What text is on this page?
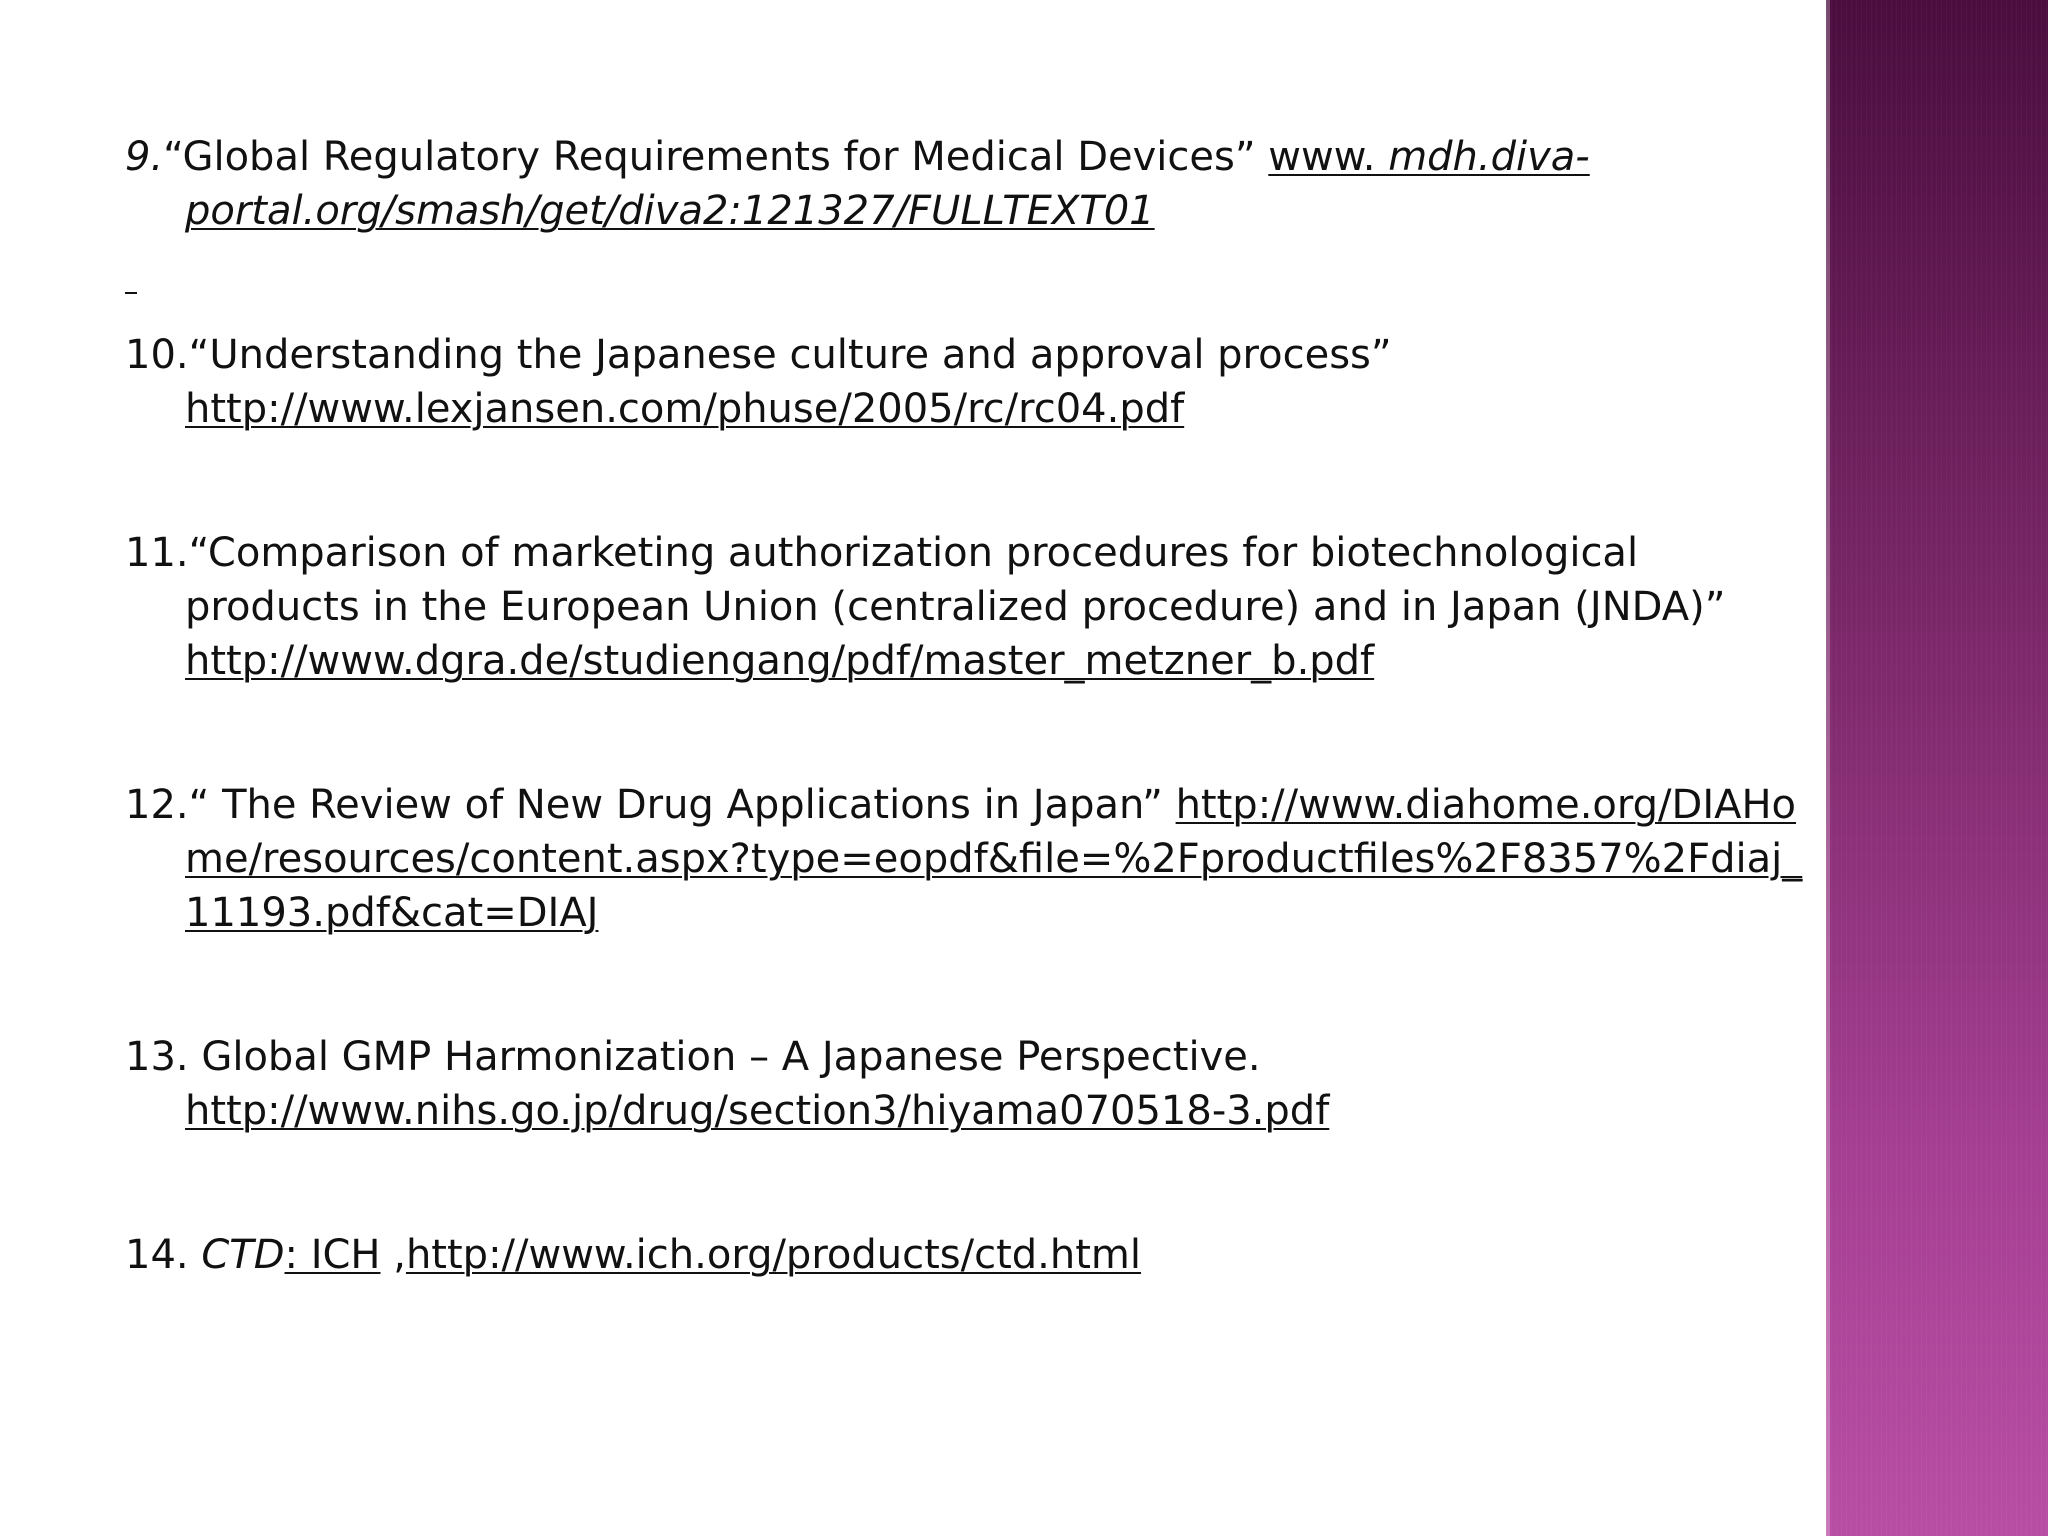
9.“Global Regulatory Requirements for Medical Devices” www. mdh.diva-portal.org/smash/get/diva2:121327/FULLTEXT01
10.“Understanding the Japanese culture and approval process” http://www.lexjansen.com/phuse/2005/rc/rc04.pdf
11.“Comparison of marketing authorization procedures for biotechnological products in the European Union (centralized procedure) and in Japan (JNDA)” http://www.dgra.de/studiengang/pdf/master_metzner_b.pdf
12.“ The Review of New Drug Applications in Japan” http://www.diahome.org/DIAHome/resources/content.aspx?type=eopdf&file=%2Fproductfiles%2F8357%2Fdiaj_11193.pdf&cat=DIAJ
13. Global GMP Harmonization – A Japanese Perspective. http://www.nihs.go.jp/drug/section3/hiyama070518-3.pdf
14. CTD: ICH ,http://www.ich.org/products/ctd.html
